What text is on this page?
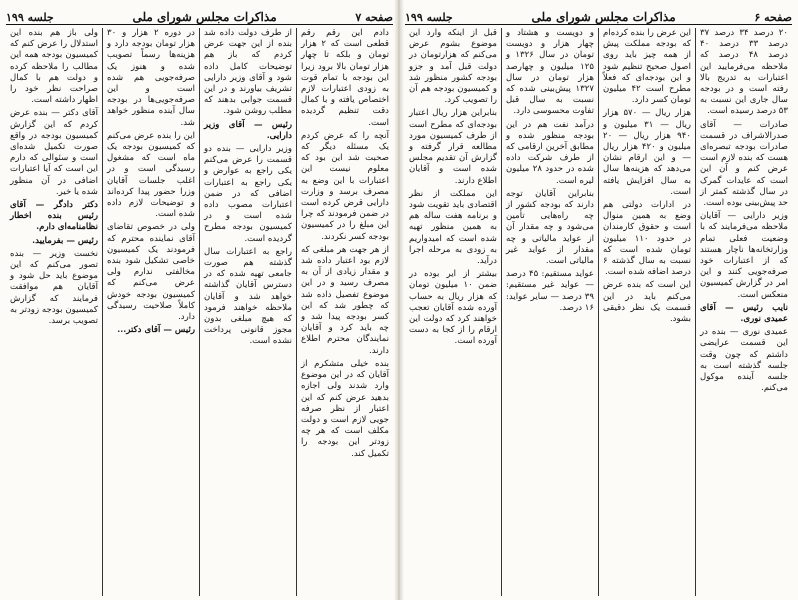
صفحه ۷
مذاکرات مجلس شورای ملی
جلسه ۱۹۹

دادم این رقم رقم قطعی است که ۲ هزار تومان و بلکه تا چهار هزار تومان بالا برود زیرا این بودجه با تمام قوت به زودی اعتبارات لازم اختصاص یافته و با کمال دقت تنظیم گردیده است.

آنچه را که عرض کردم یک مسئله دیگر که صحبت شد این بود که معلوم نیست این اعتبارات با این وضع به مصرف برسد و وزارت دارایی قرض کرده است در ضمن فرمودند که چرا این مبلغ را در کمیسیون بودجه کسر نکردند.

از هر جهت هر مبلغی که لازم بود اعتبار داده شد و مقدار زیادی از آن به مصرف رسید و در این موضوع تفصیل داده شد که چطور شد که این کسر بودجه پیدا شد و چه باید کرد و آقایان نمایندگان محترم اطلاع دارند.

بنده خیلی متشکرم از آقایان که در این موضوع وارد شدند ولی اجازه بدهید عرض کنم که این اعتبار از نظر صرفه جویی لازم است و دولت مکلف است که هر چه زودتر این بودجه را تکمیل کند.

از طرف دولت داده شد بنده از این جهت عرض کردم که باز هم توضیحات کامل داده شود و آقای وزیر دارایی تشریف بیاورند و در این قسمت جوابی بدهند که مطلب روشن شود.

رئیس — آقای وزیر دارایی.

وزیر دارایی — بنده دو قسمت را عرض می‌کنم یکی راجع به عوارض و یکی راجع به اعتبارات اضافی که در ضمن اعتبارات مصوب داده شده است و در کمیسیون بودجه مطرح گردیده است.

راجع به اعتبارات سال گذشته هم صورت جامعی تهیه شده که در دسترس آقایان گذاشته خواهد شد و آقایان ملاحظه خواهند فرمود که هیچ مبلغی بدون مجوز قانونی پرداخت نشده است.

در دوره ۲ هزار و ۳۰ هزار تومان بودجه دارد و هزینه‌ها رسماً تصویب شده و هنوز یک صرفه‌جویی هم شده است و این صرفه‌جویی‌ها در بودجه سال آینده منظور خواهد شد.

این را بنده عرض می‌کنم که کمیسیون بودجه یک ماه است که مشغول رسیدگی است و در اغلب جلسات آقایان وزرا حضور پیدا کرده‌اند و توضیحات لازم داده شده است.

ولی در خصوص تقاضای آقای نماینده محترم که فرمودند یک کمیسیون خاصی تشکیل شود بنده مخالفتی ندارم ولی عرض می‌کنم که کمیسیون بودجه خودش کاملاً صلاحیت رسیدگی دارد.

رئیس — آقای دکتر...

ولی باز هم بنده این استدلال را عرض کنم که کمیسیون بودجه همه این مطالب را ملاحظه کرده و دولت هم با کمال صراحت نظر خود را اظهار داشته است.

آقای دکتر — بنده عرض کردم که این گزارش کمیسیون بودجه در واقع صورت تکمیل شده‌ای است و سئوالی که دارم این است که آیا اعتبارات اضافی در آن منظور شده یا خیر.

دکتر دادگر — آقای رئیس بنده اخطار نظامنامه‌ای دارم.

رئیس — بفرمایید.

نخست وزیر — بنده تصور می‌کنم که این موضوع باید حل شود و آقایان هم موافقت فرمایند که گزارش کمیسیون بودجه زودتر به تصویب برسد.

صفحه ۶
مذاکرات مجلس شورای ملی
جلسه ۱۹۹

۲۰ درصد ۳۴ درصد ۳۷ درصد ۳۳ درصد ۴۰ درصد ۴۸ درصد که ملاحظه می‌فرمایید این اعتبارات به تدریج بالا رفته است و در بودجه سال جاری این نسبت به ۵۳ درصد رسیده است.

صادرات — آقای صدرالاشراف در قسمت صادرات بودجه تبصره‌ای هست که بنده لازم است عرض کنم و آن این است که عایدات گمرک در سال گذشته کمتر از حد پیش‌بینی بوده است.

وزیر دارایی — آقایان ملاحظه می‌فرمایند که با وضعیت فعلی تمام وزارتخانه‌ها ناچار هستند که از اعتبارات خود صرفه‌جویی کنند و این امر در گزارش کمیسیون منعکس است.

نایب رئیس — آقای عمیدی نوری.

عمیدی نوری — بنده در این قسمت عرایضی داشتم که چون وقت جلسه گذشته است به جلسه آینده موکول می‌کنم.

این عرض را بنده کرده‌ام که بودجه مملکت پیش از همه چیز باید روی اصول صحیح تنظیم شود و این بودجه‌ای که فعلاً مطرح است ۴۲ میلیون تومان کسر دارد.

هزار ریال — ۵۷۰ هزار ریال — ۳۱ میلیون و ۹۴۰ هزار ریال — ۲۰ میلیون و ۴۲۰ هزار ریال — و این ارقام نشان می‌دهد که هزینه‌ها سال به سال افزایش یافته است.

در ادارات دولتی هم وضع به همین منوال است و حقوق کارمندان در حدود ۱۱۰ میلیون تومان شده است که نسبت به سال گذشته ۶ درصد اضافه شده است.

این است که بنده عرض می‌کنم باید در این قسمت یک نظر دقیقی بشود.

و دویست و هشتاد و چهار هزار و دویست تومان در سال ۱۳۲۶ و ۱۲۵ میلیون و چهارصد هزار تومان در سال ۱۳۲۷ پیش‌بینی شده که نسبت به سال قبل تفاوت محسوسی دارد.

درآمد نفت هم در این بودجه منظور شده و مطابق آخرین ارقامی که از طرف شرکت داده شده در حدود ۲۸ میلیون لیره است.

بنابراین آقایان توجه دارند که بودجه کشور از چه راه‌هایی تأمین می‌شود و چه مقدار آن از عواید مالیاتی و چه مقدار از عواید غیر مالیاتی است.

عواید مستقیم: ۴۵ درصد — عواید غیر مستقیم: ۳۹ درصد — سایر عواید: ۱۶ درصد.

قبل از اینکه وارد این موضوع بشوم عرض می‌کنم که هزارتومان در دولت قبل آمد و جزو بودجه کشور منظور شد و کمیسیون بودجه هم آن را تصویب کرد.

بنابراین هزار ریال اعتبار بودجه‌ای که مطرح است از طرف کمیسیون مورد مطالعه قرار گرفته و گزارش آن تقدیم مجلس شده است و آقایان اطلاع دارند.

این مملکت از نظر اقتصادی باید تقویت شود و برنامه هفت ساله هم به همین منظور تهیه شده است که امیدواریم به زودی به مرحله اجرا درآید.

بیشتر از ایر بوده در ضمن ۱۰ میلیون تومان که هزار ریال به حساب آورده شده آقایان تعجب خواهند کرد که دولت این ارقام را از کجا به دست آورده است.
